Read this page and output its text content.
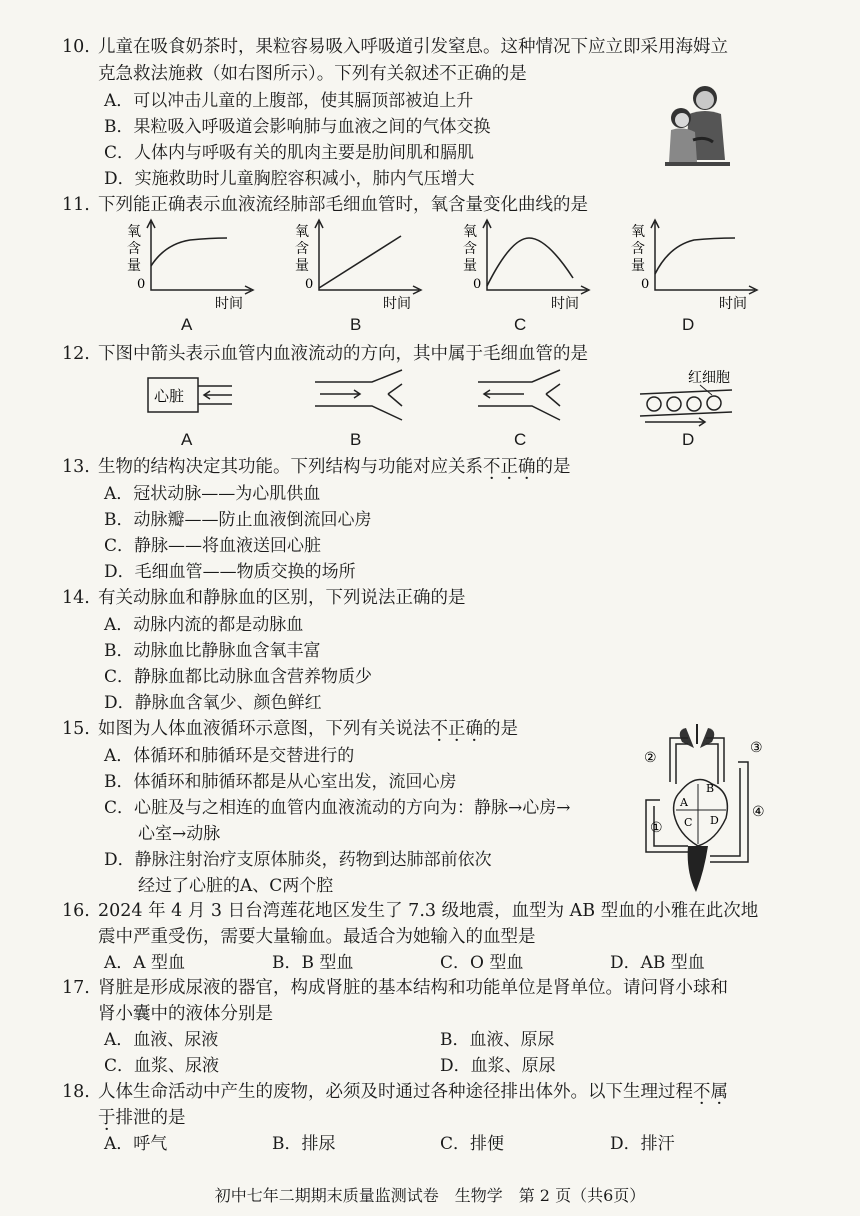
10. 儿童在吸食奶茶时，果粒容易吸入呼吸道引发窒息。这种情况下应立即采用海姆立
克急救法施救（如右图所示）。下列有关叙述不正确的是
A．可以冲击儿童的上腹部，使其膈顶部被迫上升
B．果粒吸入呼吸道会影响肺与血液之间的气体交换
C．人体内与呼吸有关的肌肉主要是肋间肌和膈肌
D．实施救助时儿童胸腔容积减小，肺内气压增大
11. 下列能正确表示血液流经肺部毛细血管时，氧含量变化曲线的是
氧
含
量
0
时间
氧
含
量
0
时间
氧
含
量
0
时间
氧
含
量
0
时间
A	B	C	D
12. 下图中箭头表示血管内血液流动的方向，其中属于毛细血管的是
心脏
红细胞
A	B	C	D
13. 生物的结构决定其功能。下列结构与功能对应关系不正确的是
A．冠状动脉——为心肌供血
B．动脉瓣——防止血液倒流回心房
C．静脉——将血液送回心脏
D．毛细血管——物质交换的场所
14. 有关动脉血和静脉血的区别，下列说法正确的是
A．动脉内流的都是动脉血
B．动脉血比静脉血含氧丰富
C．静脉血都比动脉血含营养物质少
D．静脉血含氧少、颜色鲜红
15. 如图为人体血液循环示意图，下列有关说法不正确的是
A．体循环和肺循环是交替进行的
B．体循环和肺循环都是从心室出发，流回心房
C．心脏及与之相连的血管内血液流动的方向为：静脉→心房→
心室→动脉
D．静脉注射治疗支原体肺炎，药物到达肺部前依次
经过了心脏的A、C两个腔
A
B
C D
①
②
③
④
16. 2024 年 4 月 3 日台湾莲花地区发生了 7.3 级地震，血型为 AB 型血的小雅在此次地
震中严重受伤，需要大量输血。最适合为她输入的血型是
A．A 型血	B．B 型血	C．O 型血	D．AB 型血
17. 肾脏是形成尿液的器官，构成肾脏的基本结构和功能单位是肾单位。请问肾小球和
肾小囊中的液体分别是
A．血液、尿液	B．血液、原尿
C．血浆、尿液	D．血浆、原尿
18. 人体生命活动中产生的废物，必须及时通过各种途径排出体外。以下生理过程不属
于排泄的是
A．呼气	B．排尿	C．排便	D．排汗
初中七年二期期末质量监测试卷　生物学　第 2 页（共6页）
